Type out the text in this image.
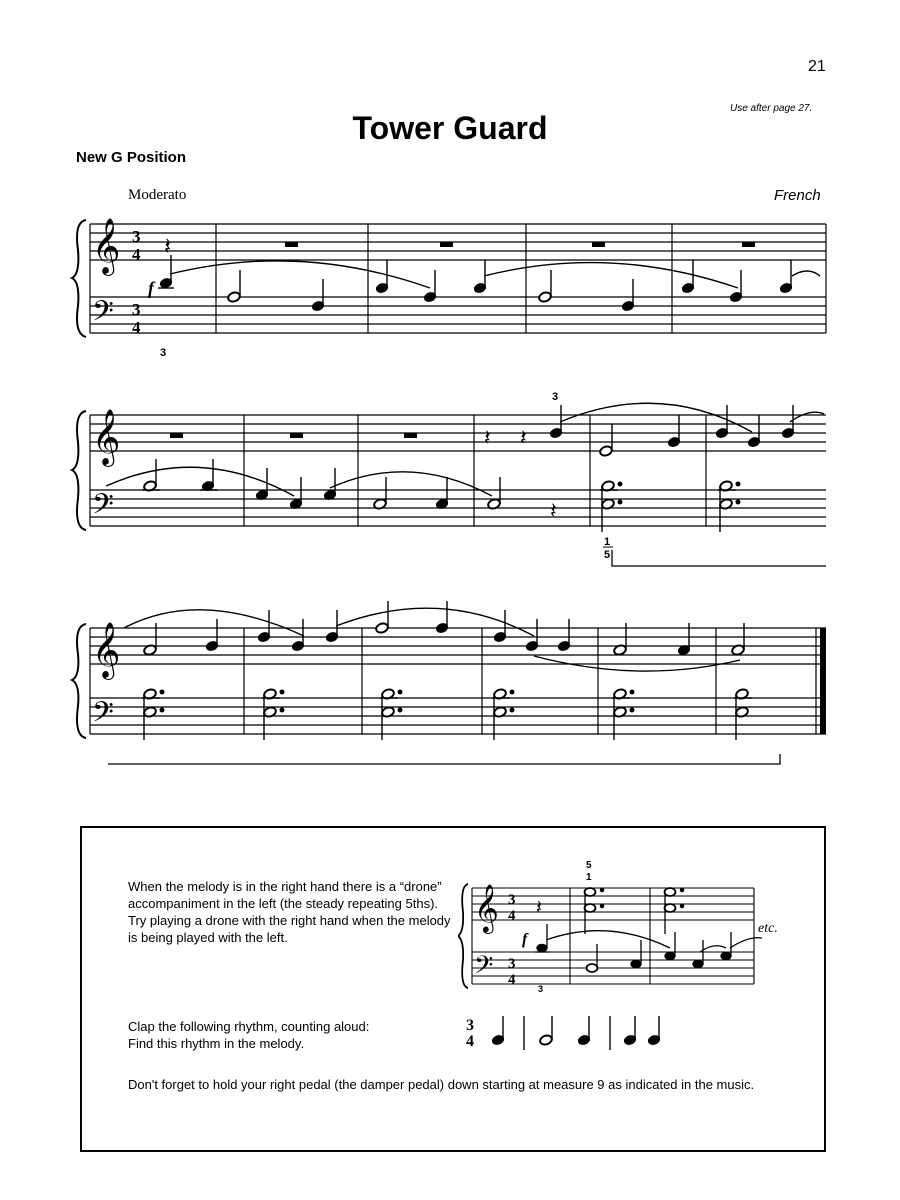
21
Use after page 27.
Tower Guard
New G Position
Moderato	French
𝄞
𝄢
3
4
3
4
𝄽
f
3
𝄞
𝄢
𝄽 𝄽
𝄽
3
1
5
𝄞
𝄢
When the melody is in the right hand there is a “drone” accompaniment in the left (the steady repeating 5ths). Try playing a drone with the right hand when the melody is being played with the left.
𝄞
𝄢
3
4
3
4
𝄽
f
5
1
3
etc.
Clap the following rhythm, counting aloud:
Find this rhythm in the melody.
3
4
Don't forget to hold your right pedal (the damper pedal) down starting at measure 9 as indicated in the music.
